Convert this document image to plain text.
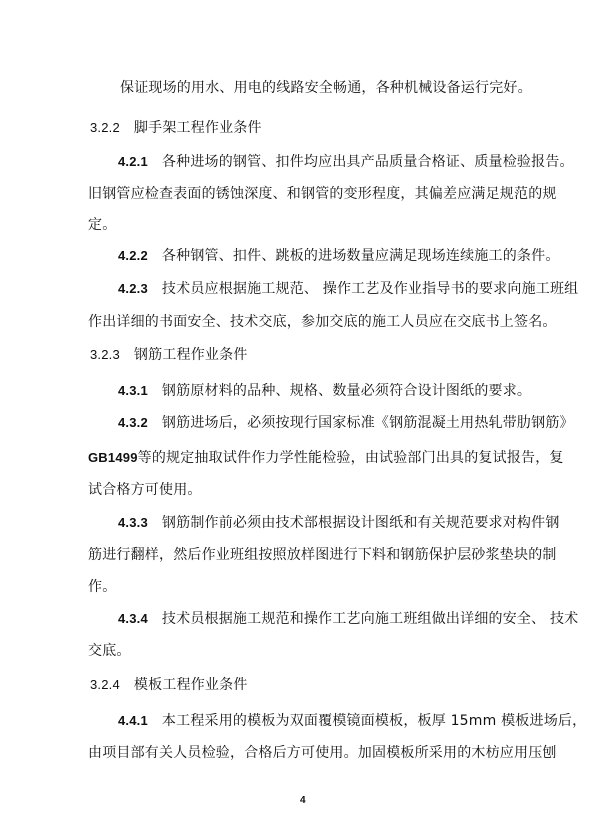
保证现场的用水、用电的线路安全畅通，各种机械设备运行完好。
3.2.2 脚手架工程作业条件
4.2.1 各种进场的钢管、扣件均应出具产品质量合格证、质量检验报告。
旧钢管应检查表面的锈蚀深度、和钢管的变形程度，其偏差应满足规范的规
定。
4.2.2 各种钢管、扣件、跳板的进场数量应满足现场连续施工的条件。
4.2.3 技术员应根据施工规范、 操作工艺及作业指导书的要求向施工班组
作出详细的书面安全、技术交底，参加交底的施工人员应在交底书上签名。
3.2.3 钢筋工程作业条件
4.3.1 钢筋原材料的品种、规格、数量必须符合设计图纸的要求。
4.3.2 钢筋进场后，必须按现行国家标准《钢筋混凝土用热轧带肋钢筋》
GB1499等的规定抽取试件作力学性能检验，由试验部门出具的复试报告，复
试合格方可使用。
4.3.3 钢筋制作前必须由技术部根据设计图纸和有关规范要求对构件钢
筋进行翻样，然后作业班组按照放样图进行下料和钢筋保护层砂浆垫块的制
作。
4.3.4 技术员根据施工规范和操作工艺向施工班组做出详细的安全、 技术
交底。
3.2.4 模板工程作业条件
4.4.1 本工程采用的模板为双面覆模镜面模板，板厚 15mm 模板进场后，
由项目部有关人员检验，合格后方可使用。加固模板所采用的木枋应用压刨
4
